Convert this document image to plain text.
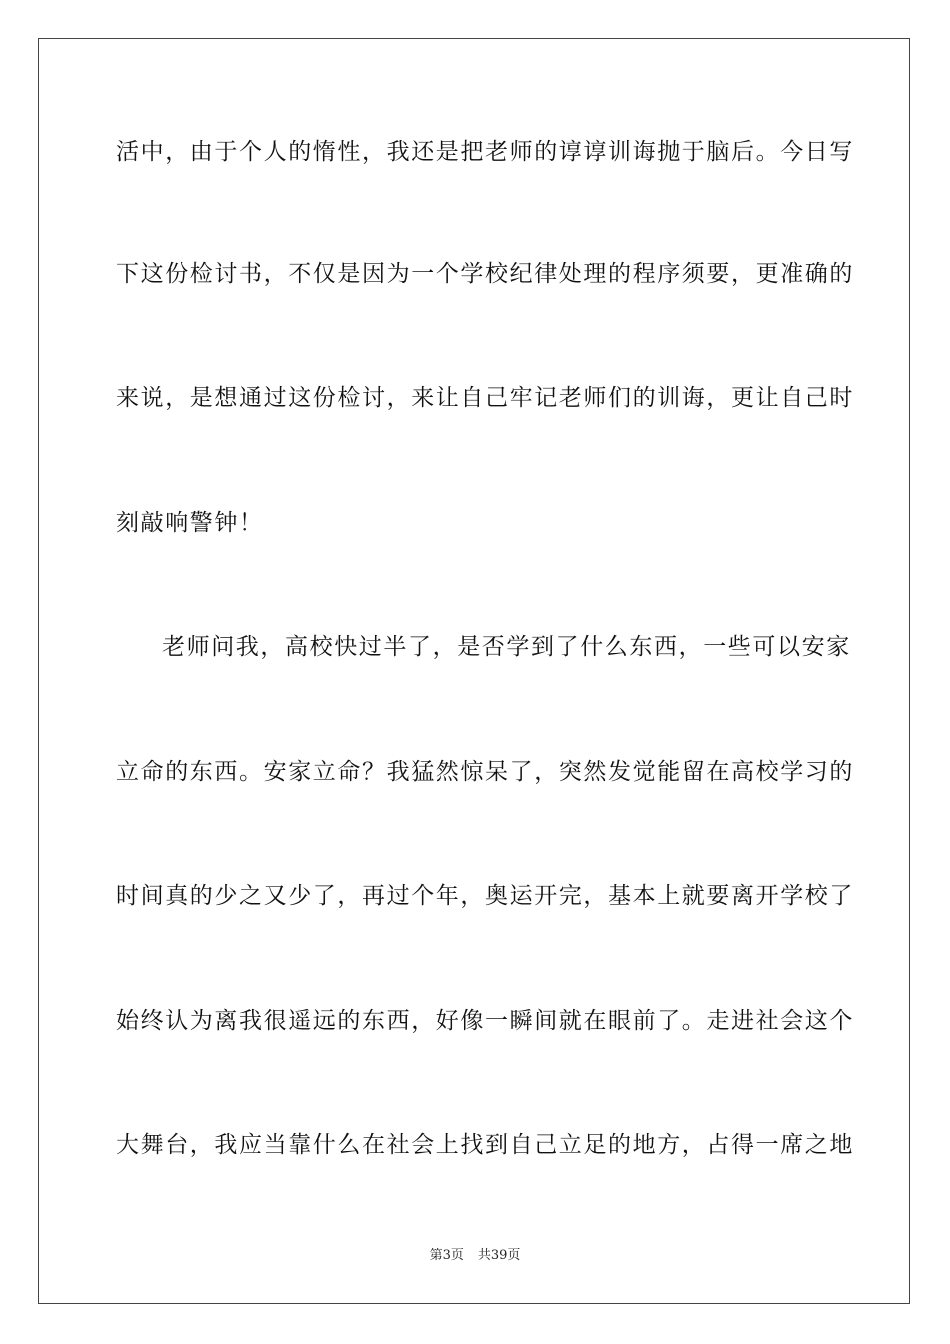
活中，由于个人的惰性，我还是把老师的谆谆训诲抛于脑后。今日写
下这份检讨书，不仅是因为一个学校纪律处理的程序须要，更准确的
来说，是想通过这份检讨，来让自己牢记老师们的训诲，更让自己时
刻敲响警钟！
老师问我，高校快过半了，是否学到了什么东西，一些可以安家
立命的东西。安家立命？我猛然惊呆了，突然发觉能留在高校学习的
时间真的少之又少了，再过个年，奥运开完，基本上就要离开学校了
始终认为离我很遥远的东西，好像一瞬间就在眼前了。走进社会这个
大舞台，我应当靠什么在社会上找到自己立足的地方，占得一席之地
第3页 共39页
